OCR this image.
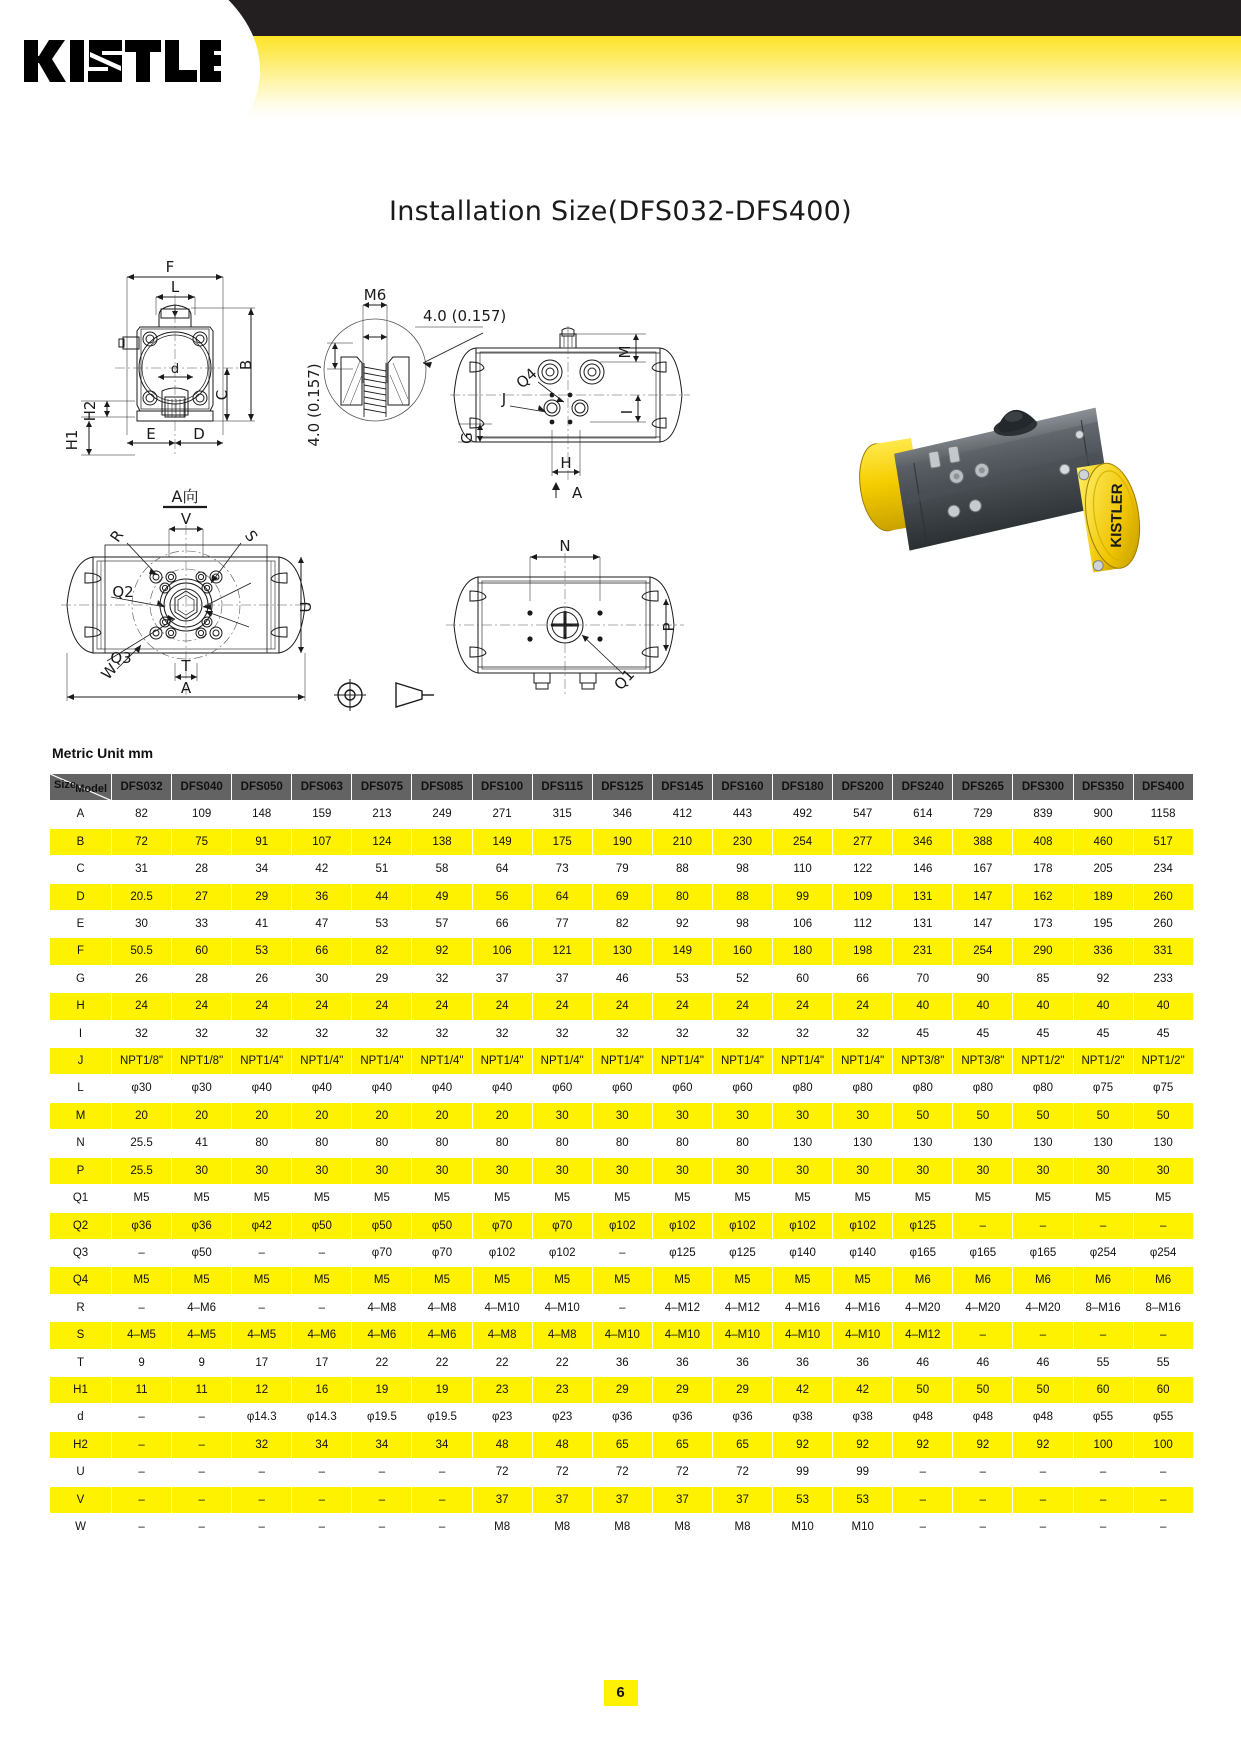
Installation Size(DFS032-DFS400)
F
L
d	B
C
H2
H1	E D
M6
4.0 (0.157)
4.0 (0.157)
M
Q4
J
I
G
H
A
A向
V
R	S
Q2
Q3
U
W	T
A
N
P
Q1
KISTLER
Metric Unit mm
Model
Size	DFS032	DFS040	DFS050	DFS063	DFS075	DFS085	DFS100	DFS115	DFS125	DFS145	DFS160	DFS180	DFS200	DFS240	DFS265	DFS300	DFS350	DFS400
A	82	109	148	159	213	249	271	315	346	412	443	492	547	614	729	839	900	1158
B	72	75	91	107	124	138	149	175	190	210	230	254	277	346	388	408	460	517
C	31	28	34	42	51	58	64	73	79	88	98	110	122	146	167	178	205	234
D	20.5	27	29	36	44	49	56	64	69	80	88	99	109	131	147	162	189	260
E	30	33	41	47	53	57	66	77	82	92	98	106	112	131	147	173	195	260
F	50.5	60	53	66	82	92	106	121	130	149	160	180	198	231	254	290	336	331
G	26	28	26	30	29	32	37	37	46	53	52	60	66	70	90	85	92	233
H	24	24	24	24	24	24	24	24	24	24	24	24	24	40	40	40	40	40
I	32	32	32	32	32	32	32	32	32	32	32	32	32	45	45	45	45	45
J	NPT1/8"	NPT1/8"	NPT1/4"	NPT1/4"	NPT1/4"	NPT1/4"	NPT1/4"	NPT1/4"	NPT1/4"	NPT1/4"	NPT1/4"	NPT1/4"	NPT1/4"	NPT3/8"	NPT3/8"	NPT1/2"	NPT1/2"	NPT1/2"
L	φ30	φ30	φ40	φ40	φ40	φ40	φ40	φ60	φ60	φ60	φ60	φ80	φ80	φ80	φ80	φ80	φ75	φ75
M	20	20	20	20	20	20	20	30	30	30	30	30	30	50	50	50	50	50
N	25.5	41	80	80	80	80	80	80	80	80	80	130	130	130	130	130	130	130
P	25.5	30	30	30	30	30	30	30	30	30	30	30	30	30	30	30	30	30
Q1	M5	M5	M5	M5	M5	M5	M5	M5	M5	M5	M5	M5	M5	M5	M5	M5	M5	M5
Q2	φ36	φ36	φ42	φ50	φ50	φ50	φ70	φ70	φ102	φ102	φ102	φ102	φ102	φ125	–	–	–	–
Q3	–	φ50	–	–	φ70	φ70	φ102	φ102	–	φ125	φ125	φ140	φ140	φ165	φ165	φ165	φ254	φ254
Q4	M5	M5	M5	M5	M5	M5	M5	M5	M5	M5	M5	M5	M5	M6	M6	M6	M6	M6
R	–	4–M6	–	–	4–M8	4–M8	4–M10	4–M10	–	4–M12	4–M12	4–M16	4–M16	4–M20	4–M20	4–M20	8–M16	8–M16
S	4–M5	4–M5	4–M5	4–M6	4–M6	4–M6	4–M8	4–M8	4–M10	4–M10	4–M10	4–M10	4–M10	4–M12	–	–	–	–
T	9	9	17	17	22	22	22	22	36	36	36	36	36	46	46	46	55	55
H1	11	11	12	16	19	19	23	23	29	29	29	42	42	50	50	50	60	60
d	–	–	φ14.3	φ14.3	φ19.5	φ19.5	φ23	φ23	φ36	φ36	φ36	φ38	φ38	φ48	φ48	φ48	φ55	φ55
H2	–	–	32	34	34	34	48	48	65	65	65	92	92	92	92	92	100	100
U	–	–	–	–	–	–	72	72	72	72	72	99	99	–	–	–	–	–
V	–	–	–	–	–	–	37	37	37	37	37	53	53	–	–	–	–	–
W	–	–	–	–	–	–	M8	M8	M8	M8	M8	M10	M10	–	–	–	–	–
6
